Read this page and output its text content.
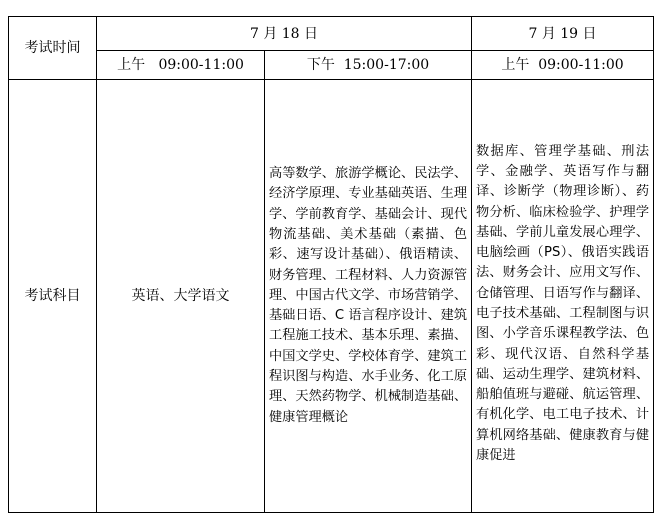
考试时间	7 月 18 日		7 月 19 日
	上午   09:00-11:00	下午  15:00-17:00	上午  09:00-11:00
考试科目	英语、大学语文	高等数学、旅游学概论、民法学、经济学原理、专业基础英语、生理学、学前教育学、基础会计、现代物流基础、美术基础（素描、色彩、速写设计基础）、俄语精读、财务管理、工程材料、人力资源管理、中国古代文学、市场营销学、基础日语、C 语言程序设计、建筑工程施工技术、基本乐理、素描、中国文学史、学校体育学、建筑工程识图与构造、水手业务、化工原理、天然药物学、机械制造基础、健康管理概论	数据库、管理学基础、刑法学、金融学、英语写作与翻译、诊断学（物理诊断）、药物分析、临床检验学、护理学基础、学前儿童发展心理学、电脑绘画（PS）、俄语实践语法、财务会计、应用文写作、仓储管理、日语写作与翻译、电子技术基础、工程制图与识图、小学音乐课程教学法、色彩、现代汉语、自然科学基础、运动生理学、建筑材料、船舶值班与避碰、航运管理、有机化学、电工电子技术、计算机网络基础、健康教育与健康促进
